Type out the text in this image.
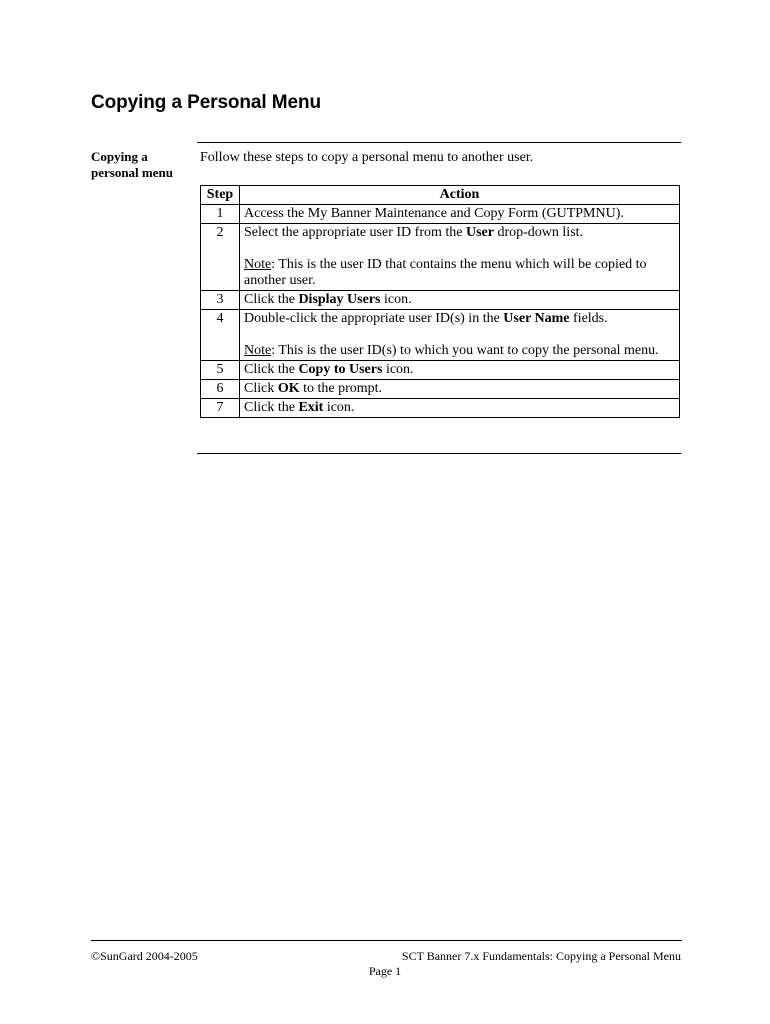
Copying a Personal Menu
Copying a personal menu
Follow these steps to copy a personal menu to another user.
Step	Action
1	Access the My Banner Maintenance and Copy Form (GUTPMNU).

2	Select the appropriate user ID from the User drop-down list.
Note: This is the user ID that contains the menu which will be copied to another user.

3	Click the Display Users icon.

4	Double-click the appropriate user ID(s) in the User Name fields.
Note: This is the user ID(s) to which you want to copy the personal menu.

5	Click the Copy to Users icon.

6	Click OK to the prompt.

7	Click the Exit icon.
©SunGard 2004-2005	SCT Banner 7.x Fundamentals: Copying a Personal Menu
Page 1
